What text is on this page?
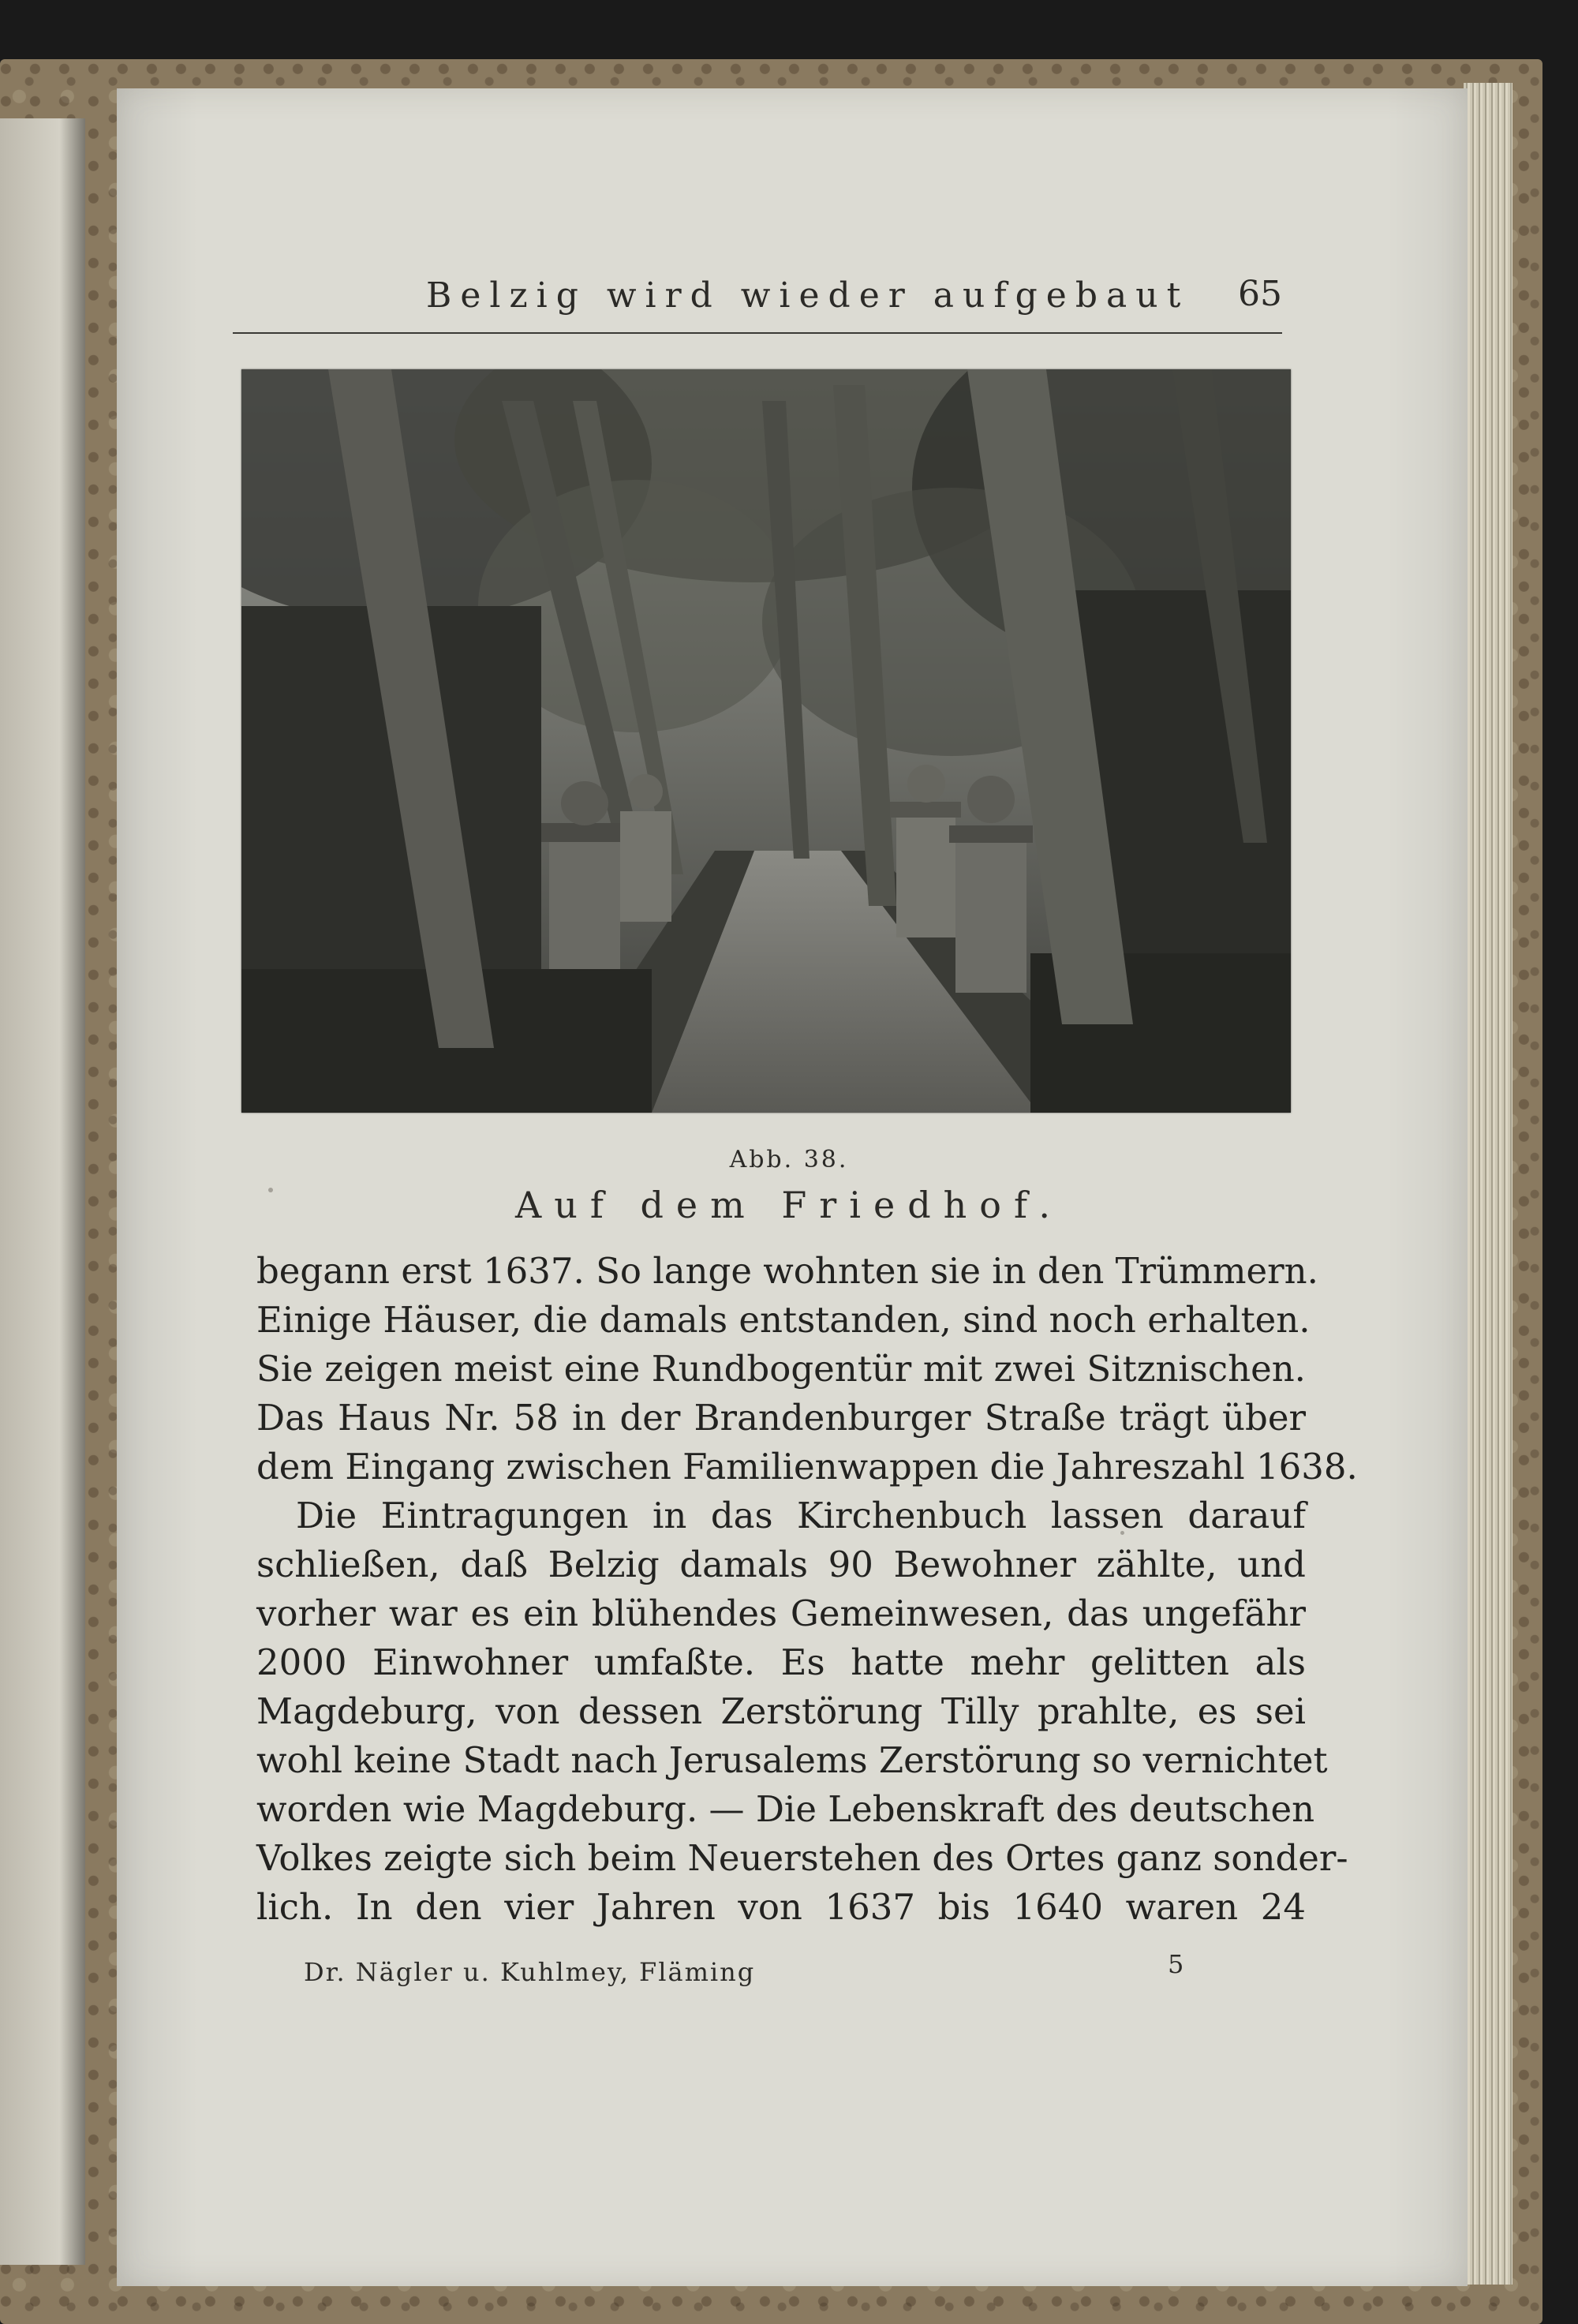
Belzig wird wieder aufgebaut 65
Abb. 38.
Auf dem Friedhof.
begann erst 1637. So lange wohnten sie in den Trümmern.
Einige Häuser, die damals entstanden, sind noch erhalten.
Sie zeigen meist eine Rundbogentür mit zwei Sitznischen.
Das Haus Nr. 58 in der Brandenburger Straße trägt über
dem Eingang zwischen Familienwappen die Jahreszahl 1638.
Die Eintragungen in das Kirchenbuch lassen darauf
schließen, daß Belzig damals 90 Bewohner zählte, und
vorher war es ein blühendes Gemeinwesen, das ungefähr
2000 Einwohner umfaßte. Es hatte mehr gelitten als
Magdeburg, von dessen Zerstörung Tilly prahlte, es sei
wohl keine Stadt nach Jerusalems Zerstörung so vernichtet
worden wie Magdeburg. — Die Lebenskraft des deutschen
Volkes zeigte sich beim Neuerstehen des Ortes ganz sonder-
lich. In den vier Jahren von 1637 bis 1640 waren 24
Dr. Nägler u. Kuhlmey, Fläming	5
